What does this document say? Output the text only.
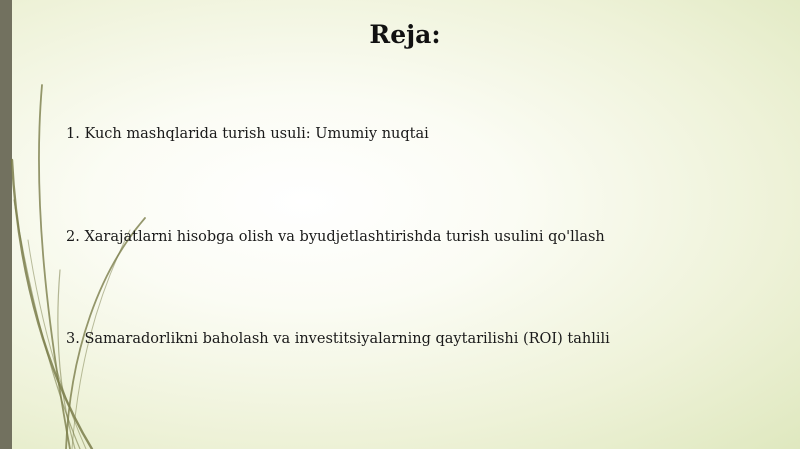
Reja:

1. Kuch mashqlarida turish usuli: Umumiy nuqtai

2. Xarajatlarni hisobga olish va byudjetlashtirishda turish usulini qo'llash

3. Samaradorlikni baholash va investitsiyalarning qaytarilishi (ROI) tahlili
